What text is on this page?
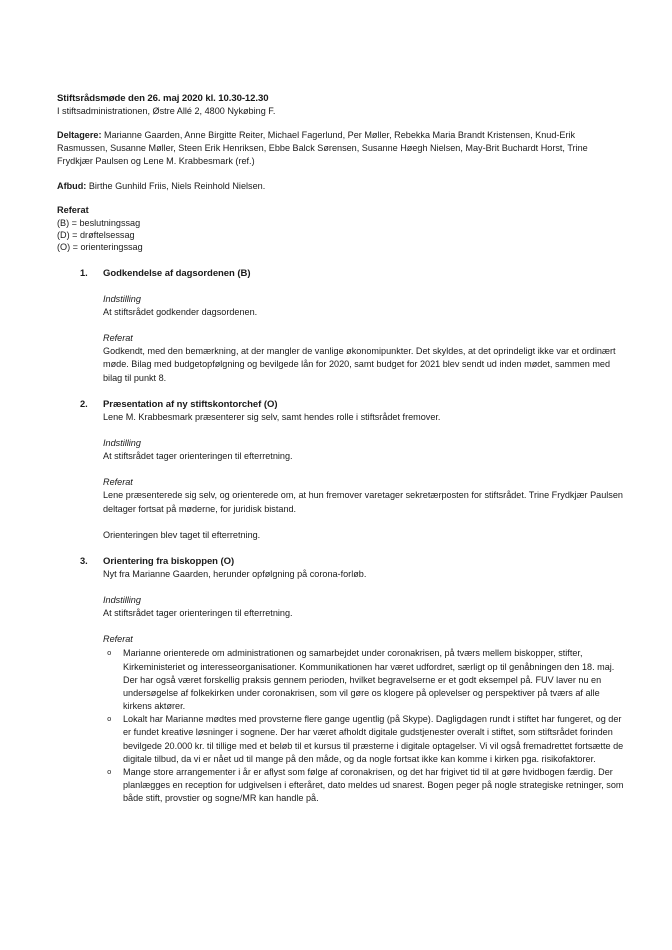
Stiftsrådsmøde den 26. maj 2020 kl. 10.30-12.30
I stiftsadministrationen, Østre Allé 2, 4800 Nykøbing F.
Deltagere: Marianne Gaarden, Anne Birgitte Reiter, Michael Fagerlund, Per Møller, Rebekka Maria Brandt Kristensen, Knud-Erik Rasmussen, Susanne Møller, Steen Erik Henriksen, Ebbe Balck Sørensen, Susanne Høegh Nielsen, May-Brit Buchardt Horst, Trine Frydkjær Paulsen og Lene M. Krabbesmark (ref.)
Afbud: Birthe Gunhild Friis, Niels Reinhold Nielsen.
Referat
(B) = beslutningssag
(D) = drøftelsessag
(O) = orienteringssag
1. Godkendelse af dagsordenen (B)
Indstilling
At stiftsrådet godkender dagsordenen.
Referat
Godkendt, med den bemærkning, at der mangler de vanlige økonomipunkter. Det skyldes, at det oprindeligt ikke var et ordinært møde. Bilag med budgetopfølgning og bevilgede lån for 2020, samt budget for 2021 blev sendt ud inden mødet, sammen med bilag til punkt 8.
2. Præsentation af ny stiftskontorchef (O)
Lene M. Krabbesmark præsenterer sig selv, samt hendes rolle i stiftsrådet fremover.
Indstilling
At stiftsrådet tager orienteringen til efterretning.
Referat
Lene præsenterede sig selv, og orienterede om, at hun fremover varetager sekretærposten for stiftsrådet. Trine Frydkjær Paulsen deltager fortsat på møderne, for juridisk bistand.
Orienteringen blev taget til efterretning.
3. Orientering fra biskoppen (O)
Nyt fra Marianne Gaarden, herunder opfølgning på corona-forløb.
Indstilling
At stiftsrådet tager orienteringen til efterretning.
Referat
o Marianne orienterede om administrationen og samarbejdet under coronakrisen, på tværs mellem biskopper, stifter, Kirkeministeriet og interesseorganisationer. Kommunikationen har været udfordret, særligt op til genåbningen den 18. maj. Der har også været forskellig praksis gennem perioden, hvilket begravelserne er et godt eksempel på. FUV laver nu en undersøgelse af folkekirken under coronakrisen, som vil gøre os klogere på oplevelser og perspektiver på tværs af alle kirkens aktører.
o Lokalt har Marianne mødtes med provsterne flere gange ugentlig (på Skype). Dagligdagen rundt i stiftet har fungeret, og der er fundet kreative løsninger i sognene. Der har været afholdt digitale gudstjenester overalt i stiftet, som stiftsrådet forinden bevilgede 20.000 kr. til tillige med et beløb til et kursus til præsterne i digitale optagelser. Vi vil også fremadrettet fortsætte de digitale tilbud, da vi er nået ud til mange på den måde, og da nogle fortsat ikke kan komme i kirken pga. risikofaktorer.
o Mange store arrangementer i år er aflyst som følge af coronakrisen, og det har frigivet tid til at gøre hvidbogen færdig. Der planlægges en reception for udgivelsen i efteråret, dato meldes ud snarest. Bogen peger på nogle strategiske retninger, som både stift, provstier og sogne/MR kan handle på.
